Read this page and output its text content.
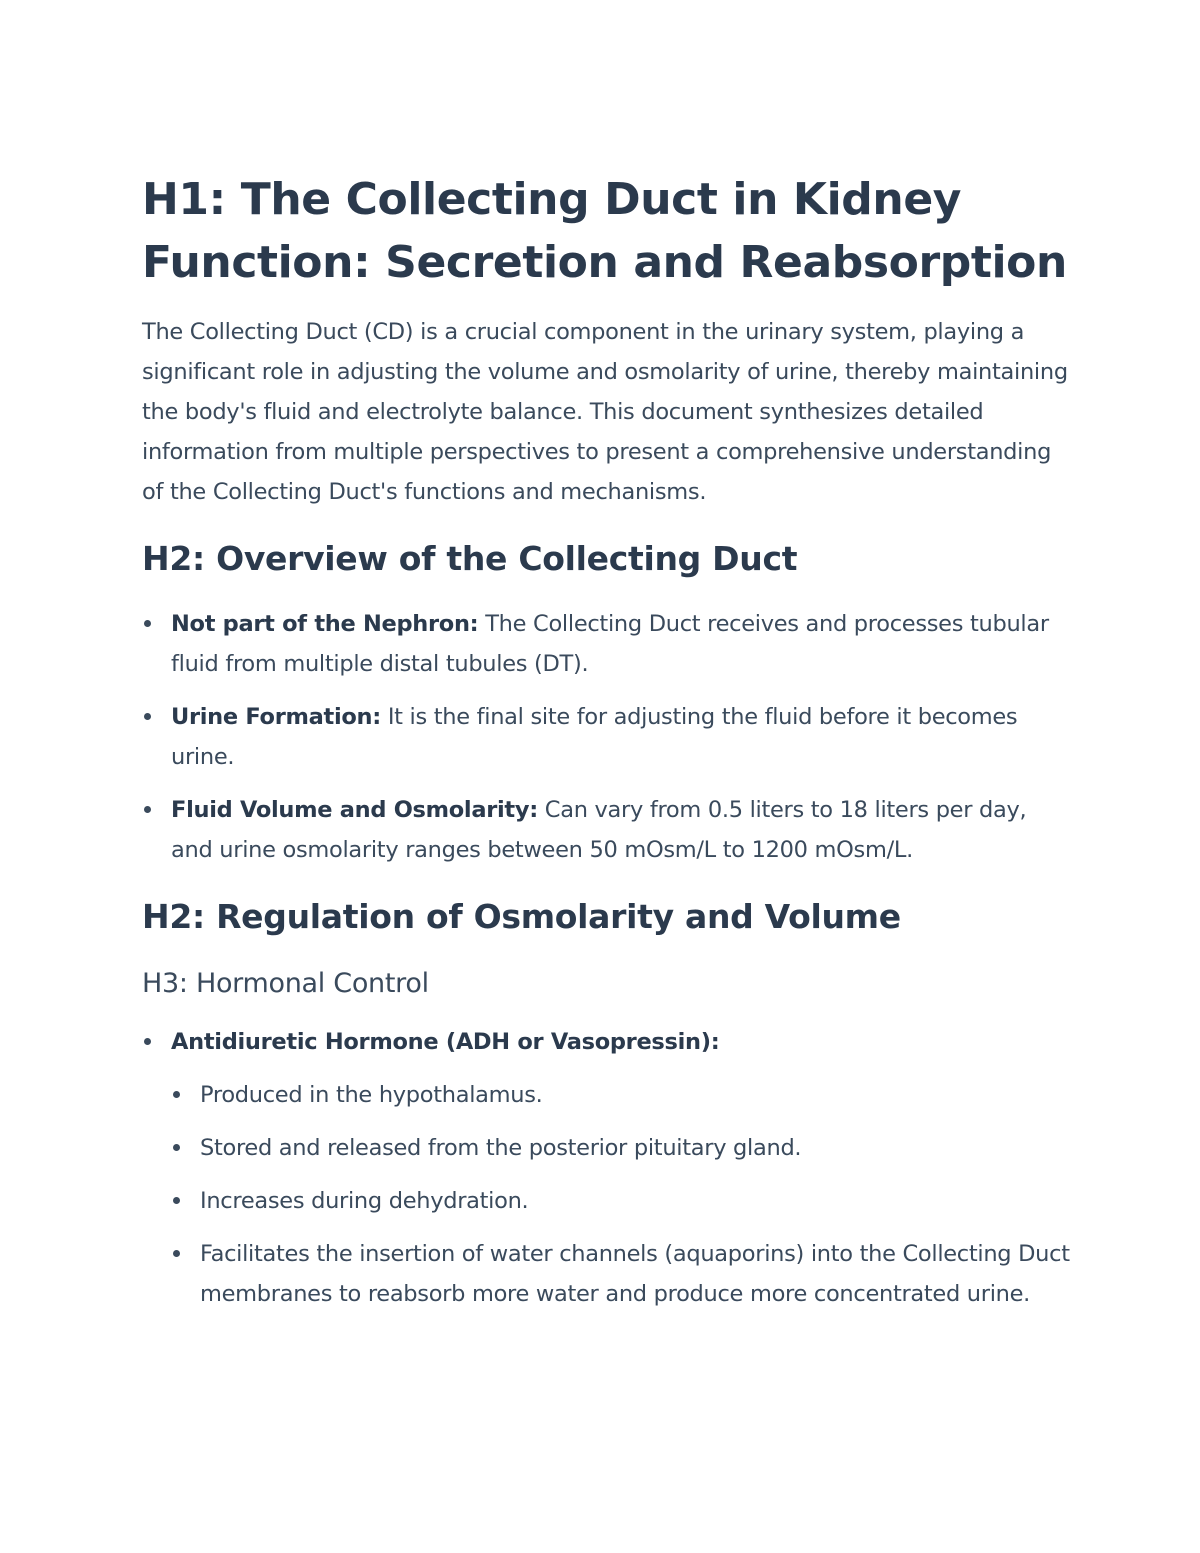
H1: The Collecting Duct in Kidney Function: Secretion and Reabsorption

The Collecting Duct (CD) is a crucial component in the urinary system, playing a significant role in adjusting the volume and osmolarity of urine, thereby maintaining the body's fluid and electrolyte balance. This document synthesizes detailed information from multiple perspectives to present a comprehensive understanding of the Collecting Duct's functions and mechanisms.

H2: Overview of the Collecting Duct
Not part of the Nephron: The Collecting Duct receives and processes tubular fluid from multiple distal tubules (DT).
Urine Formation: It is the final site for adjusting the fluid before it becomes urine.
Fluid Volume and Osmolarity: Can vary from 0.5 liters to 18 liters per day, and urine osmolarity ranges between 50 mOsm/L to 1200 mOsm/L.
H2: Regulation of Osmolarity and Volume
H3: Hormonal Control
Antidiuretic Hormone (ADH or Vasopressin):
Produced in the hypothalamus.
Stored and released from the posterior pituitary gland.
Increases during dehydration.
Facilitates the insertion of water channels (aquaporins) into the Collecting Duct membranes to reabsorb more water and produce more concentrated urine.
